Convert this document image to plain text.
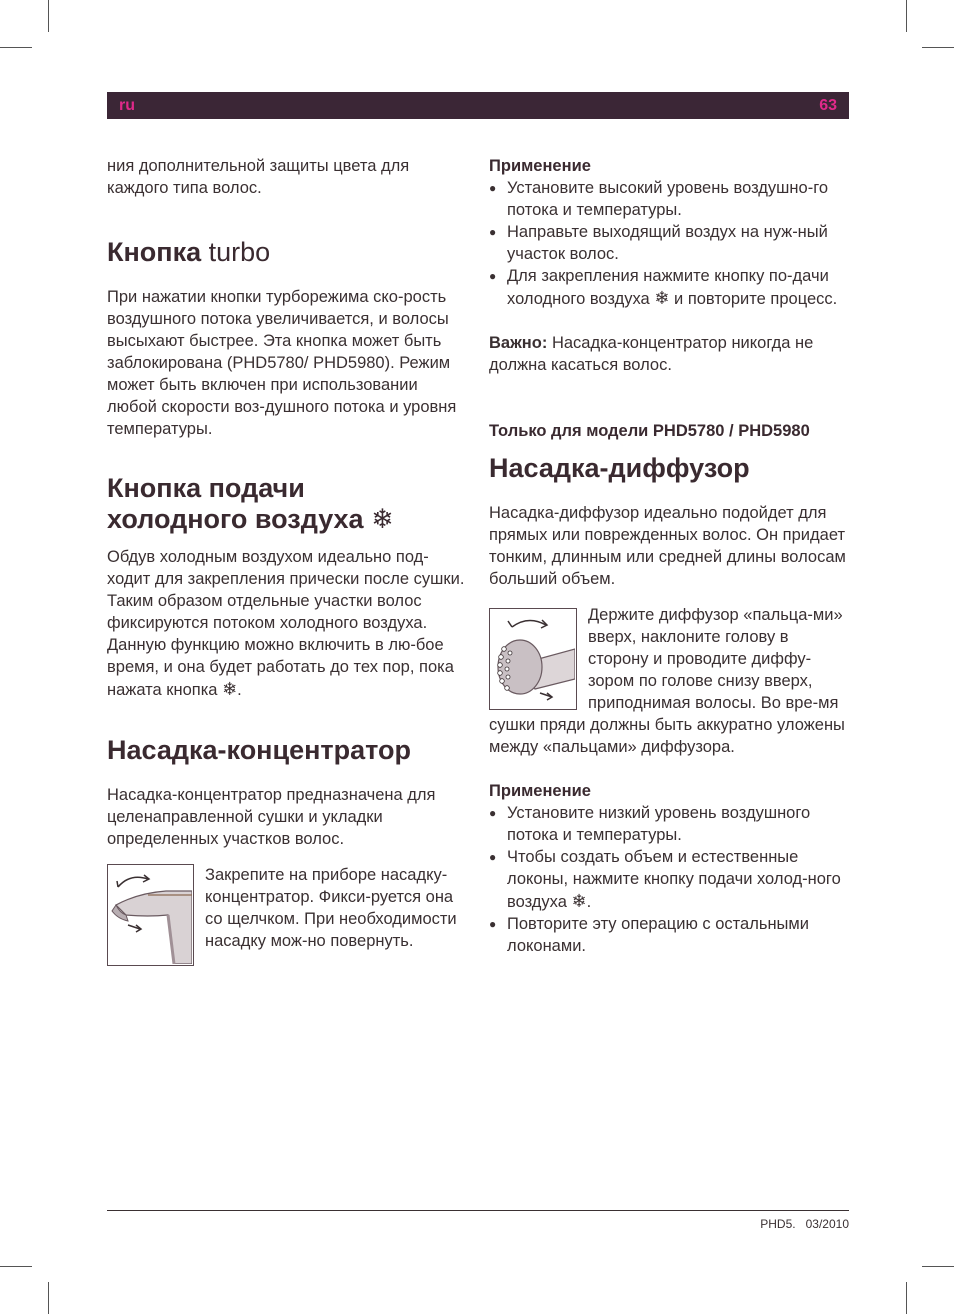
ru	63

ния дополнительной защиты цвета для каждого типа волос.

Кнопка turbo

При нажатии кнопки турборежима ско-рость воздушного потока увеличивается, и волосы высыхают быстрее. Эта кнопка может быть заблокирована (PHD5780/ PHD5980). Режим может быть включен при использовании любой скорости воз-душного потока и уровня температуры.

Кнопка подачи
холодного воздуха ❄

Обдув холодным воздухом идеально под-ходит для закрепления прически после сушки. Таким образом отдельные участки волос фиксируются потоком холодного воздуха.

Данную функцию можно включить в лю-бое время, и она будет работать до тех пор, пока нажата кнопка ❄.

Насадка-концентратор

Насадка-концентратор предназначена для целенаправленной сушки и укладки определенных участков волос.

Закрепите на приборе насадку-концентратор. Фикси-руется она со щелчком. При необходимости насадку мож-но повернуть.

Применение
● Установите высокий уровень воздушно-го потока и температуры.
● Направьте выходящий воздух на нуж-ный участок волос.
● Для закрепления нажмите кнопку по-дачи холодного воздуха ❄ и повторите процесс.

Важно: Насадка-концентратор никогда не должна касаться волос.

Только для модели PHD5780 / PHD5980
Насадка-диффузор

Насадка-диффузор идеально подойдет для прямых или поврежденных волос. Он придает тонким, длинным или средней длины волосам больший объем.

Держите диффузор «пальца-ми» вверх, наклоните голову в сторону и проводите диффу-зором по голове снизу вверх, приподнимая волосы. Во вре-мя сушки пряди должны быть аккуратно уложены между «пальцами» диффузора.

Применение
● Установите низкий уровень воздушного потока и температуры.
● Чтобы создать объем и естественные локоны, нажмите кнопку подачи холод-ного воздуха ❄.
● Повторите эту операцию с остальными локонами.
PHD5. 03/2010
